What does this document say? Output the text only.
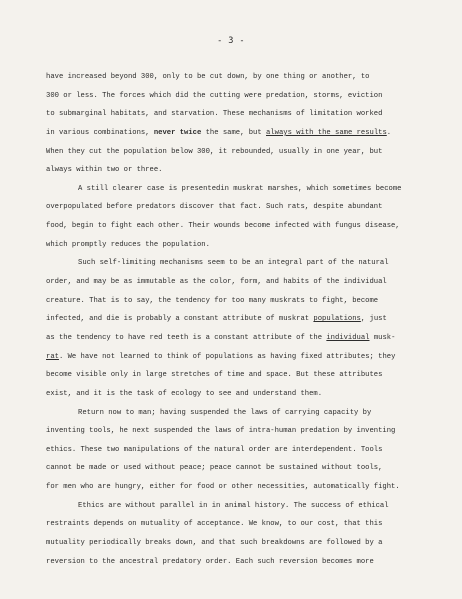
- 3 -
have increased beyond 300, only to be cut down, by one thing or another, to
300 or less. The forces which did the cutting were predation, storms, eviction
to submarginal habitats, and starvation. These mechanisms of limitation worked
in various combinations, never twice the same, but always with the same results.
When they cut the population below 300, it rebounded, usually in one year, but
always within two or three.
A still clearer case is presentedin muskrat marshes, which sometimes become
overpopulated before predators discover that fact. Such rats, despite abundant
food, begin to fight each other. Their wounds become infected with fungus disease,
which promptly reduces the population.
Such self-limiting mechanisms seem to be an integral part of the natural
order, and may be as immutable as the color, form, and habits of the individual
creature. That is to say, the tendency for too many muskrats to fight, become
infected, and die is probably a constant attribute of muskrat populations, just
as the tendency to have red teeth is a constant attribute of the individual musk-
rat. We have not learned to think of populations as having fixed attributes; they
become visible only in large stretches of time and space. But these attributes
exist, and it is the task of ecology to see and understand them.
Return now to man; having suspended the laws of carrying capacity by
inventing tools, he next suspended the laws of intra-human predation by inventing
ethics. These two manipulations of the natural order are interdependent. Tools
cannot be made or used without peace; peace cannot be sustained without tools,
for men who are hungry, either for food or other necessities, automatically fight.
Ethics are without parallel in in animal history. The success of ethical
restraints depends on mutuality of acceptance. We know, to our cost, that this
mutuality periodically breaks down, and that such breakdowns are followed by a
reversion to the ancestral predatory order. Each such reversion becomes more
